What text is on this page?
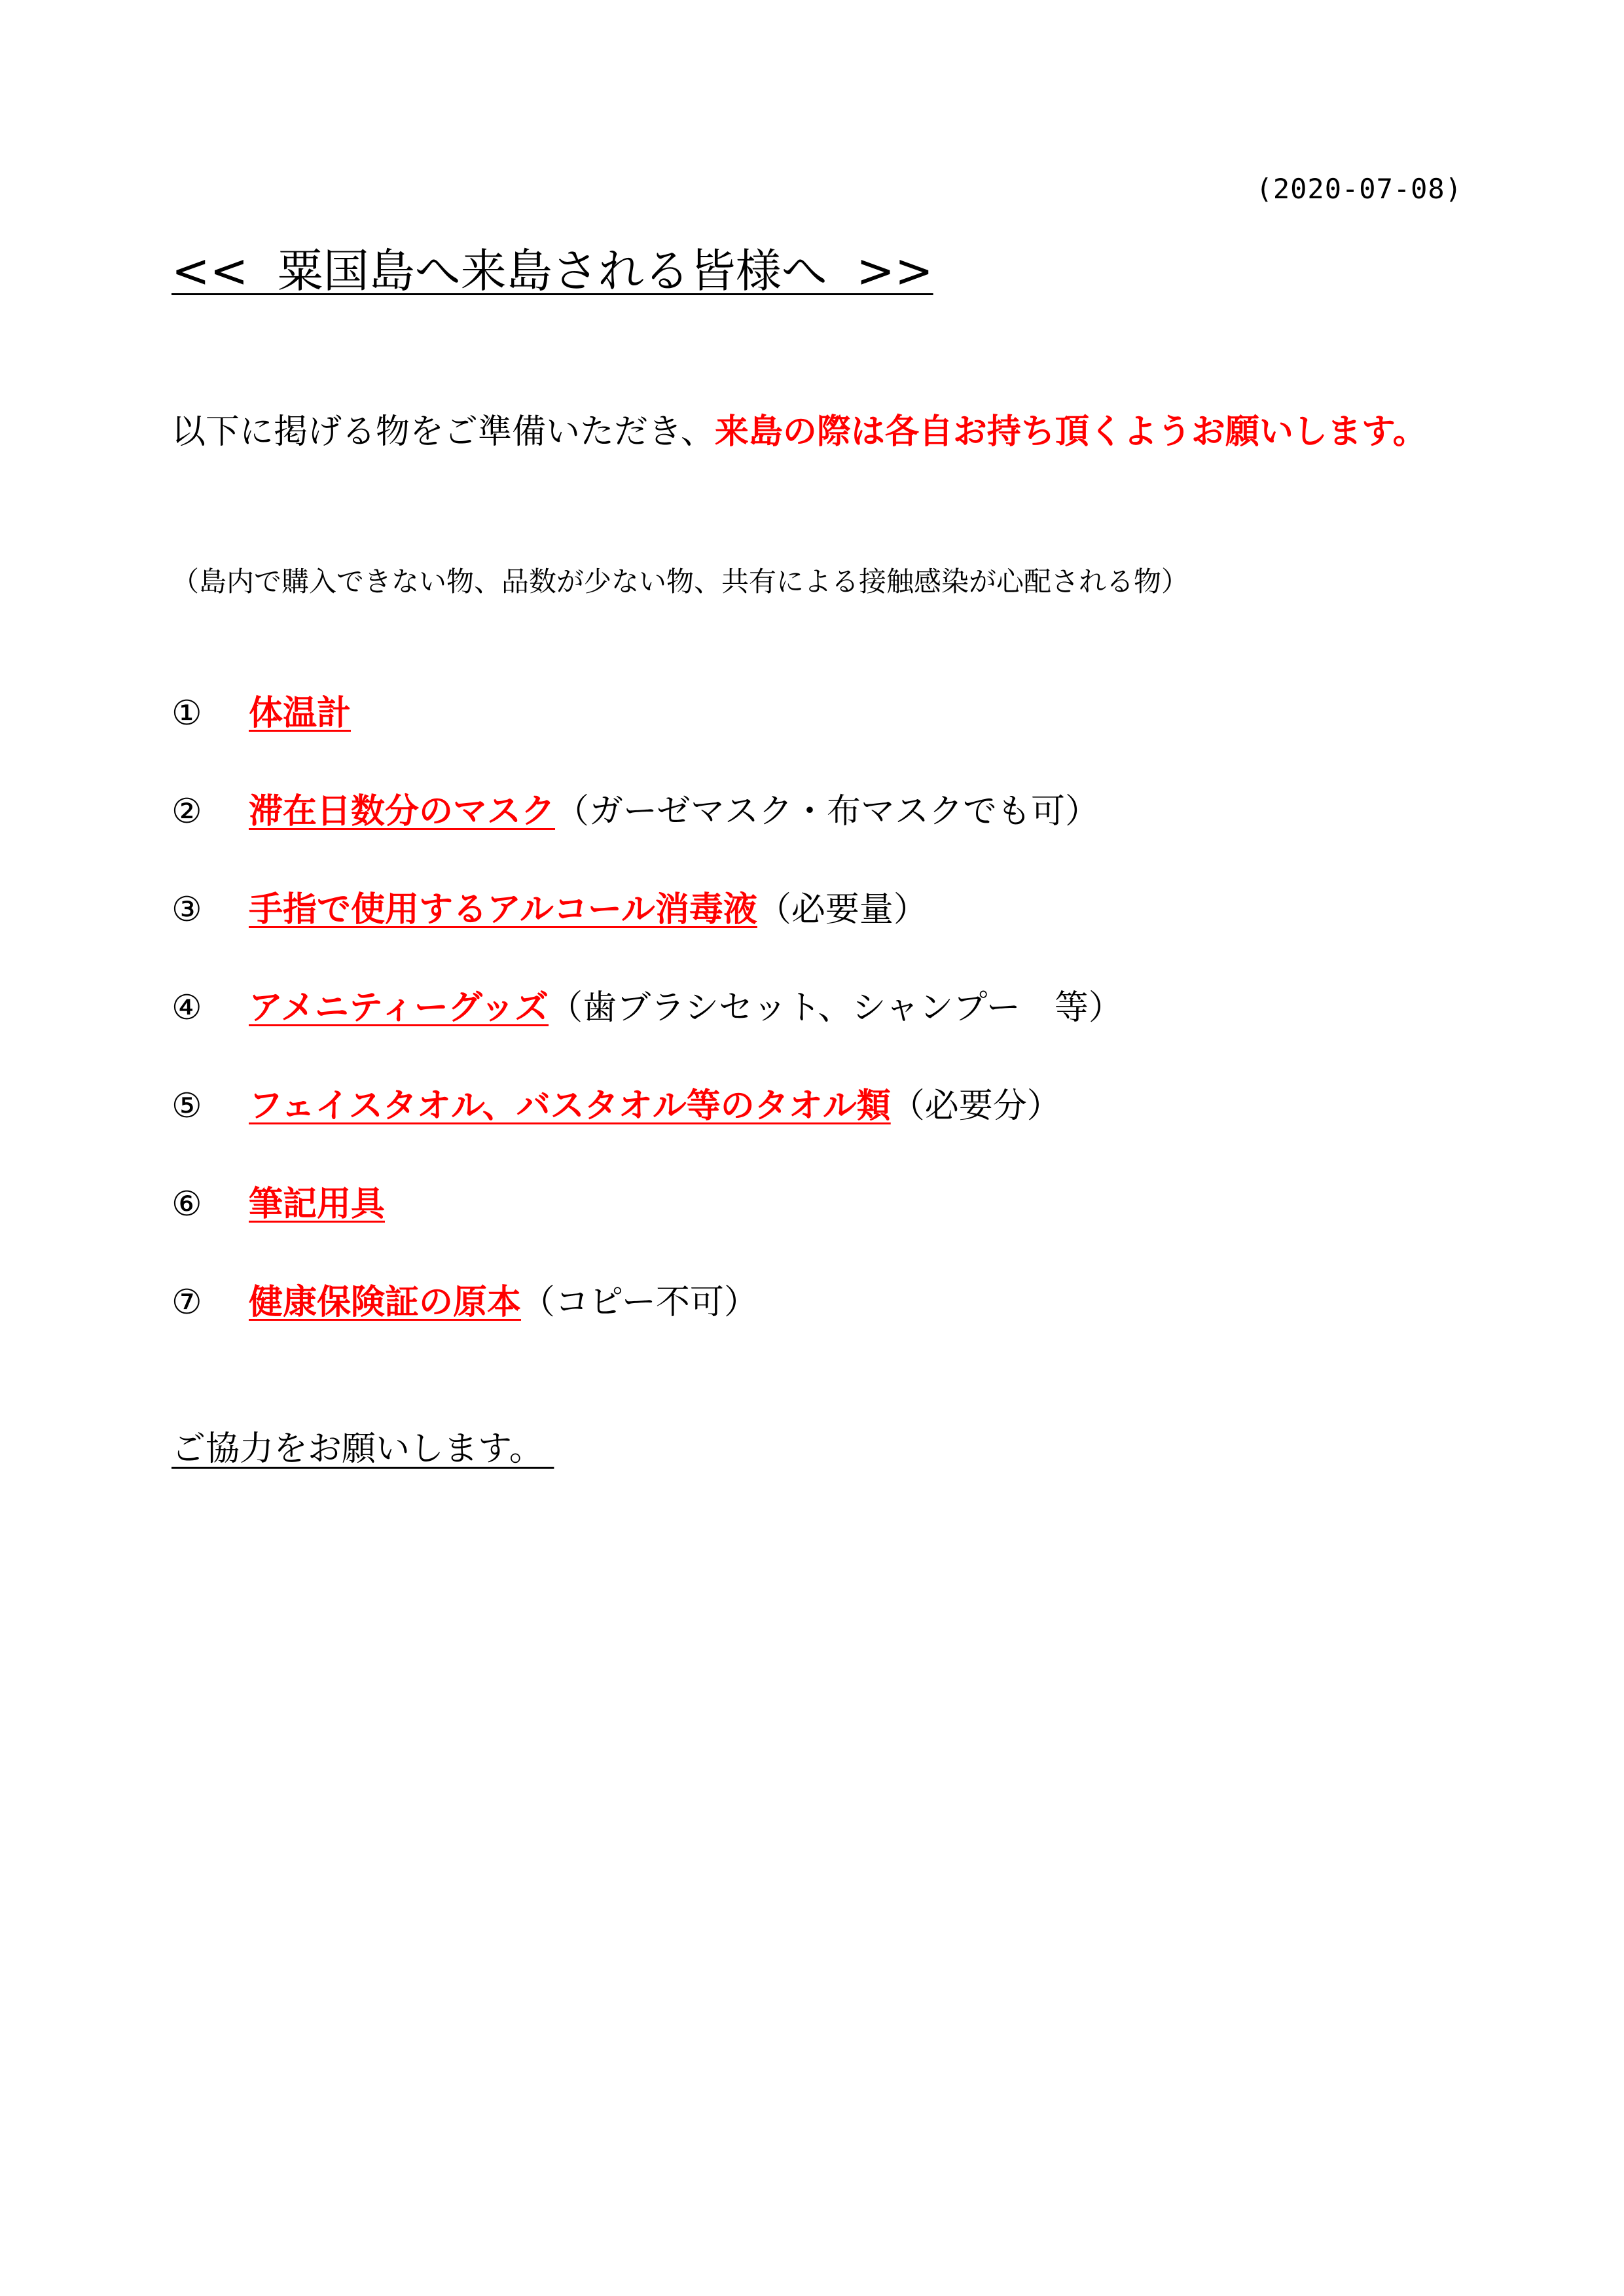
(2020-07-08)
<<  粟国島へ来島される皆様へ  >>
以下に掲げる物をご準備いただき、来島の際は各自お持ち頂くようお願いします。
（島内で購入できない物、品数が少ない物、共有による接触感染が心配される物）
①	体温計
②	滞在日数分のマスク （ガーゼマスク・布マスクでも可）
③	手指で使用するアルコール消毒液 （必要量）
④	アメニティーグッズ （歯ブラシセット、シャンプー　等）
⑤	フェイスタオル、バスタオル等のタオル類 （必要分）
⑥	筆記用具
⑦	健康保険証の原本 （コピー不可）
ご協力をお願いします。
